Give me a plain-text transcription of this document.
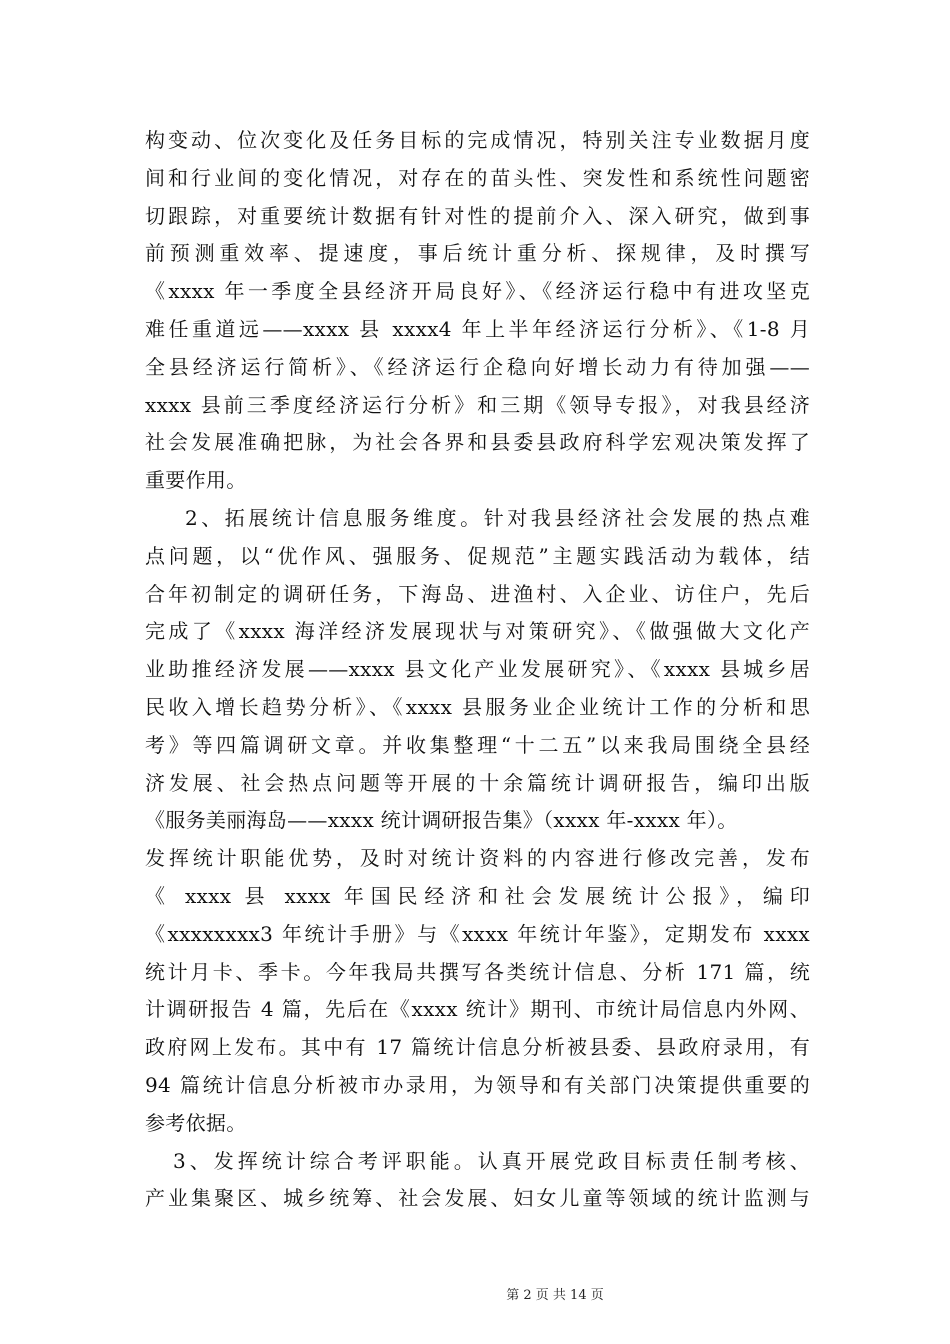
构变动、位次变化及任务目标的完成情况，特别关注专业数据月度
间和行业间的变化情况，对存在的苗头性、突发性和系统性问题密
切跟踪，对重要统计数据有针对性的提前介入、深入研究，做到事
前预测重效率、提速度，事后统计重分析、探规律，及时撰写
《xxxx 年一季度全县经济开局良好》、《经济运行稳中有进攻坚克
难任重道远——xxxx 县 xxxx4 年上半年经济运行分析》、《1-8 月
全县经济运行简析》、《经济运行企稳向好增长动力有待加强——
xxxx 县前三季度经济运行分析》和三期《领导专报》，对我县经济
社会发展准确把脉，为社会各界和县委县政府科学宏观决策发挥了
重要作用。
2、拓展统计信息服务维度。针对我县经济社会发展的热点难
点问题，以“优作风、强服务、促规范”主题实践活动为载体，结
合年初制定的调研任务，下海岛、进渔村、入企业、访住户，先后
完成了《xxxx 海洋经济发展现状与对策研究》、《做强做大文化产
业助推经济发展——xxxx 县文化产业发展研究》、《xxxx 县城乡居
民收入增长趋势分析》、《xxxx 县服务业企业统计工作的分析和思
考》等四篇调研文章。并收集整理“十二五”以来我局围绕全县经
济发展、社会热点问题等开展的十余篇统计调研报告，编印出版
《服务美丽海岛——xxxx 统计调研报告集》（xxxx 年-xxxx 年）。
发挥统计职能优势，及时对统计资料的内容进行修改完善，发布
《 xxxx 县 xxxx 年国民经济和社会发展统计公报》，编印
《xxxxxxxx3 年统计手册》与《xxxx 年统计年鉴》，定期发布 xxxx
统计月卡、季卡。今年我局共撰写各类统计信息、分析 171 篇，统
计调研报告 4 篇，先后在《xxxx 统计》期刊、市统计局信息内外网、
政府网上发布。其中有 17 篇统计信息分析被县委、县政府录用，有
94 篇统计信息分析被市办录用，为领导和有关部门决策提供重要的
参考依据。
3、发挥统计综合考评职能。认真开展党政目标责任制考核、
产业集聚区、城乡统筹、社会发展、妇女儿童等领域的统计监测与
第 2 页 共 14 页
